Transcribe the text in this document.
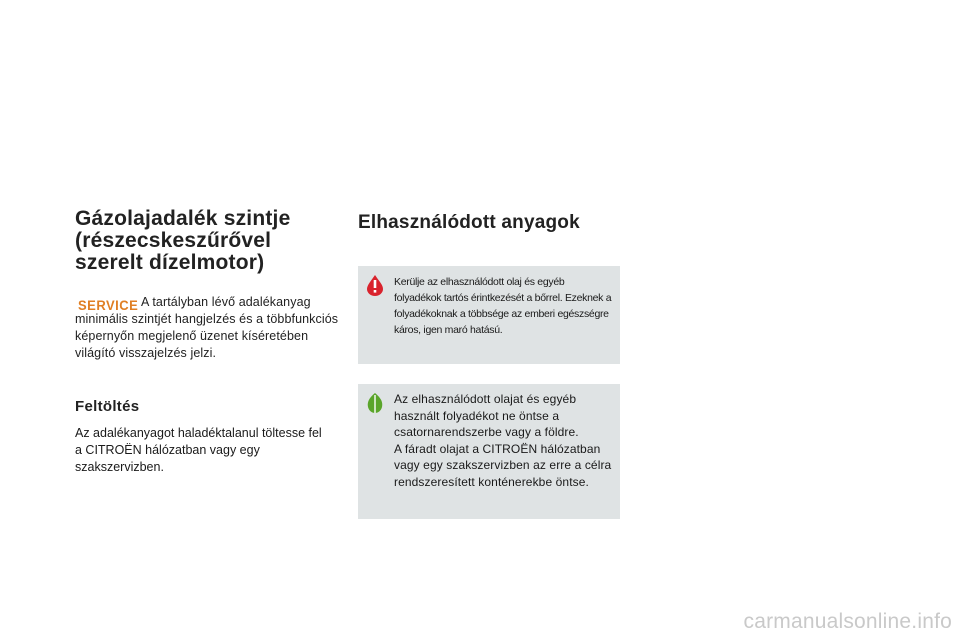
Gázolajadalék szintje (részecskeszűrővel szerelt dízelmotor)
SERVICE A tartályban lévő adalékanyag minimális szintjét hangjelzés és a többfunkciós képernyőn megjelenő üzenet kíséretében világító visszajelzés jelzi.

Feltöltés

Az adalékanyagot haladéktalanul töltesse fel a CITROËN hálózatban vagy egy szakszervizben.

Elhasználódott anyagok

Kerülje az elhasználódott olaj és egyéb folyadékok tartós érintkezését a bőrrel. Ezeknek a folyadékoknak a többsége az emberi egészségre káros, igen maró hatású.

Az elhasználódott olajat és egyéb használt folyadékot ne öntse a csatornarendszerbe vagy a földre.
A fáradt olajat a CITROËN hálózatban vagy egy szakszervizben az erre a célra rendszeresített konténerekbe öntse.

carmanualsonline.info
